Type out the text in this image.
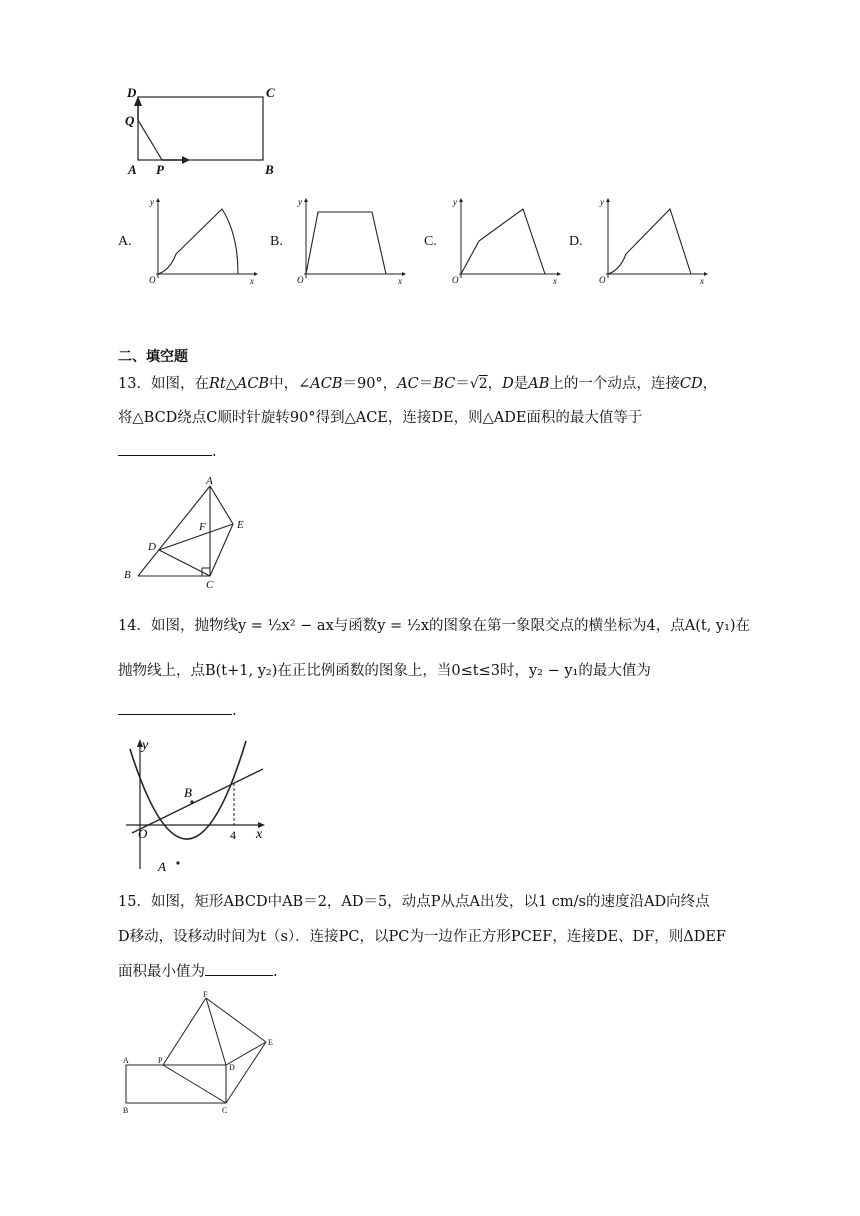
D	C
Q
A P	B
A.
y
x
O
B.
y
x
O
C.
y
x
O
D.
y
x
O
二、填空题
13．如图，在Rt△ACB中，∠ACB＝90°，AC＝BC＝√2，D是AB上的一个动点，连接CD，
将△BCD绕点C顺时针旋转90°得到△ACE，连接DE，则△ADE面积的最大值等于
.
A
E
F
D
B
C
14．如图，抛物线y = ½x² − ax与函数y = ½x的图象在第一象限交点的横坐标为4，点A(t, y₁)在
抛物线上，点B(t+1, y₂)在正比例函数的图象上，当0≤t≤3时，y₂ − y₁的最大值为
.
y
x
O
B
A
4
15．如图，矩形ABCD中AB＝2，AD＝5，动点P从点A出发，以1 cm/s的速度沿AD向终点
D移动，设移动时间为t（s）．连接PC，以PC为一边作正方形PCEF，连接DE、DF，则ΔDEF
面积最小值为	.
F
E
A	P
D
B	C
